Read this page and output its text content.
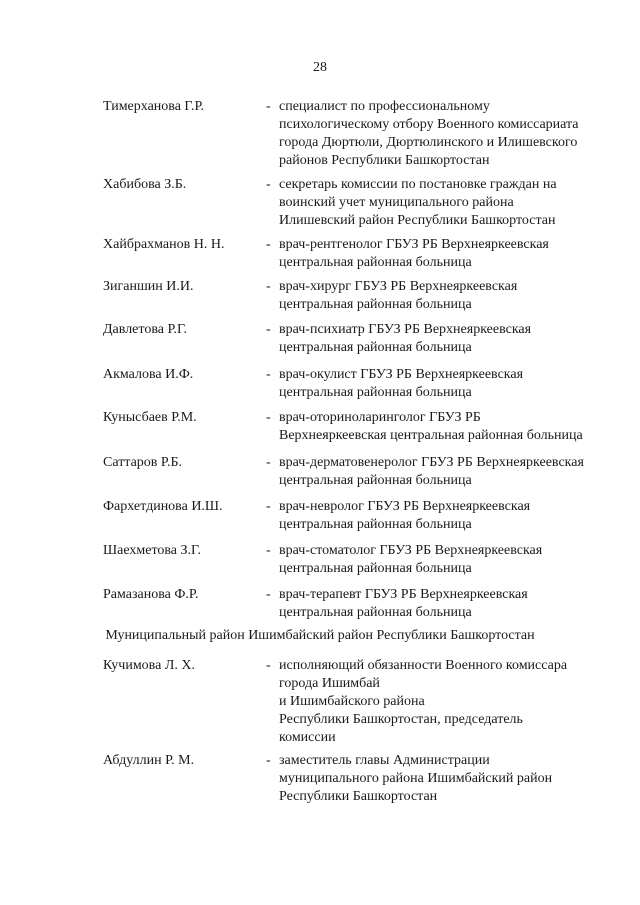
28
Тимерханова Г.Р.	- специалист по профессиональному
психологическому отбору Военного комиссариата
города Дюртюли, Дюртюлинского и Илишевского
районов Республики Башкортостан
Хабибова З.Б.	- секретарь комиссии по постановке граждан на
воинский учет муниципального района
Илишевский район Республики Башкортостан
Хайбрахманов Н. Н.	- врач-рентгенолог ГБУЗ РБ Верхнеяркеевская
центральная районная больница
Зиганшин И.И.	- врач-хирург ГБУЗ РБ Верхнеяркеевская
центральная районная больница
Давлетова Р.Г.	- врач-психиатр ГБУЗ РБ Верхнеяркеевская
центральная районная больница
Акмалова И.Ф.	- врач-окулист ГБУЗ РБ Верхнеяркеевская
центральная районная больница
Кунысбаев Р.М.	- врач-оториноларинголог ГБУЗ РБ
Верхнеяркеевская центральная районная больница
Саттаров Р.Б.	- врач-дерматовенеролог ГБУЗ РБ Верхнеяркеевская
центральная районная больница
Фархетдинова И.Ш.	- врач-невролог ГБУЗ РБ Верхнеяркеевская
центральная районная больница
Шаехметова З.Г.	- врач-стоматолог ГБУЗ РБ Верхнеяркеевская
центральная районная больница
Рамазанова Ф.Р.	- врач-терапевт ГБУЗ РБ Верхнеяркеевская
центральная районная больница
Муниципальный район Ишимбайский район Республики Башкортостан
Кучимова Л. Х.	- исполняющий обязанности Военного комиссара
города Ишимбай
и Ишимбайского района
Республики Башкортостан, председатель
комиссии
Абдуллин Р. М.	- заместитель главы Администрации
муниципального района Ишимбайский район
Республики Башкортостан
